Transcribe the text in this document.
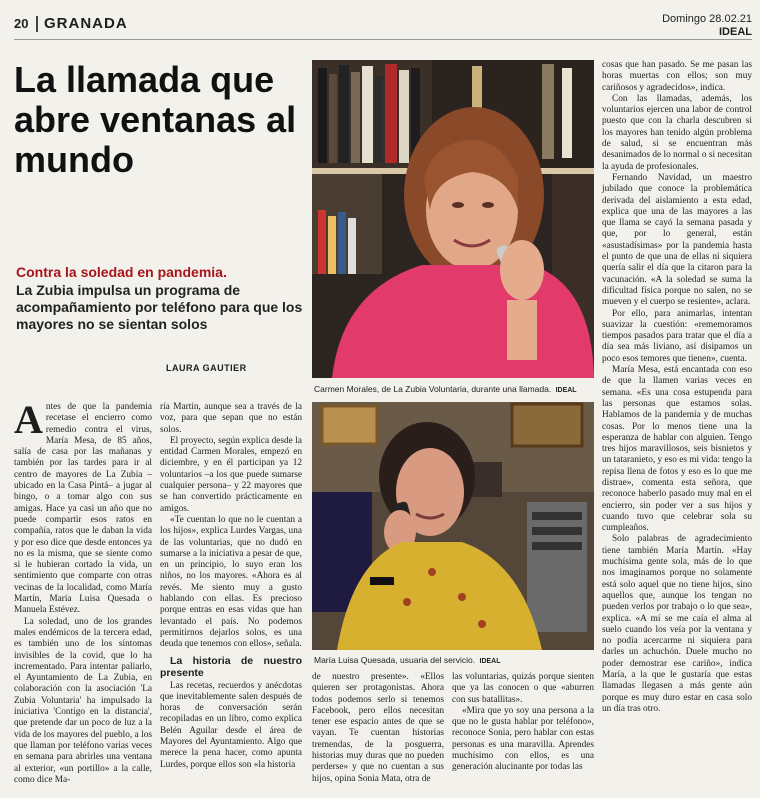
20 GRANADA	Domingo 28.02.21
IDEAL
La llamada que abre ventanas al mundo
Contra la soledad en pandemia.
La Zubia impulsa un programa de acompañamiento por teléfono para que los mayores no se sientan solos
LAURA GAUTIER
Carmen Morales, de La Zubia Voluntaria, durante una llamada. IDEAL
María Luisa Quesada, usuaria del servicio. IDEAL

Antes de que la pandemia recetase el encierro como remedio contra el virus, María Mesa, de 85 años, salía de casa por las mañanas y también por las tardes para ir al centro de mayores de La Zubia –ubicado en la Casa Pintá– a jugar al bingo, o a tomar algo con sus amigas. Hace ya casi un año que no puede compartir esos ratos en compañía, ratos que le daban la vida y por eso dice que desde entonces ya no es la misma, que se siente como si le hubieran cortado la vida, un sentimiento que comparte con otras vecinas de la localidad, como María Martín, María Luisa Quesada o Manuela Estévez.

La soledad, uno de los grandes males endémicos de la tercera edad, es también uno de los síntomas invisibles de la covid, que lo ha incrementado. Para intentar paliarlo, el Ayuntamiento de La Zubia, en colaboración con la asociación 'La Zubia Voluntaria' ha impulsado la iniciativa 'Contigo en la distancia', que pretende dar un poco de luz a la vida de los mayores del pueblo, a los que llaman por teléfono varias veces en semana para abrirles una ventana al exterior, «un portillo» a la calle, como dice Ma-

ría Martín, aunque sea a través de la voz, para que sepan que no están solos.

El proyecto, según explica desde la entidad Carmen Morales, empezó en diciembre, y en él participan ya 12 voluntarios –a los que puede sumarse cualquier persona– y 22 mayores que se han convertido prácticamente en amigos.

«Te cuentan lo que no le cuentan a los hijos», explica Lurdes Vargas, una de las voluntarias, que no dudó en sumarse a la iniciativa a pesar de que, en un principio, lo suyo eran los niños, no los mayores. «Ahora es al revés. Me siento muy a gusto hablando con ellas. Es precioso porque entras en esas vidas que han levantado el país. No podemos permitirnos dejarlos solos, es una deuda que tenemos con ellos», señala.

La historia de nuestro presente

Las recetas, recuerdos y anécdotas que inevitablemente salen después de horas de conversación serán recopiladas en un libro, como explica Belén Aguilar desde el área de Mayores del Ayuntamiento. Algo que merece la pena hacer, como apunta Lurdes, porque ellos son «la historia

de nuestro presente». «Ellos quieren ser protagonistas. Ahora todos podemos serlo si tenemos Facebook, pero ellos necesitan tener ese espacio antes de que se vayan. Te cuentan historias tremendas, de la posguerra, historias muy duras que no pueden perderse» y que no cuentan a sus hijos, opina Sonia Mata, otra de

las voluntarias, quizás porque sienten que ya las conocen o que «aburren con sus batallitas».

«Mira que yo soy una persona a la que no le gusta hablar por teléfono», reconoce Sonia, pero hablar con estas personas es una maravilla. Aprendes muchísimo con ellos, es una generación alucinante por todas las

cosas que han pasado. Se me pasan las horas muertas con ellos; son muy cariñosos y agradecidos», indica.

Con las llamadas, además, los voluntarios ejercen una labor de control puesto que con la charla descubren si los mayores han tenido algún problema de salud, si se encuentran más desanimados de lo normal o si necesitan la ayuda de profesionales.

Fernando Navidad, un maestro jubilado que conoce la problemática derivada del aislamiento a esta edad, explica que una de las mayores a las que llama se cayó la semana pasada y que, por lo general, están «asustadísimas» por la pandemia hasta el punto de que una de ellas ni siquiera quería salir el día que la citaron para la vacunación. «A la soledad se suma la dificultad física porque no salen, no se mueven y el cuerpo se resiente», aclara.

Por ello, para animarlas, intentan suavizar la cuestión: «rememoramos tiempos pasados para tratar que el día a día sea más liviano, así disipamos un poco esos temores que tienen», cuenta.

María Mesa, está encantada con eso de que la llamen varias veces en semana. «Es una cosa estupenda para las personas que estamos solas. Hablamos de la pandemia y de muchas cosas. Por lo menos tiene una la esperanza de hablar con alguien. Tengo tres hijos maravillosos, seis bisnietos y un tataranieto, y eso es mi vida: tengo la repisa llena de fotos y eso es lo que me distrae», comenta esta señora, que reconoce haberlo pasado muy mal en el encierro, sin poder ver a sus hijos y cuando tuvo que celebrar sola su cumpleaños.

Solo palabras de agradecimiento tiene también María Martín. «Hay muchísima gente sola, más de lo que nos imaginamos porque no solamente está solo aquel que no tiene hijos, sino aquellos que, aunque los tengan no pueden verlos por trabajo o lo que sea», explica. «A mí se me caía el alma al suelo cuando los veía por la ventana y no podía acercarme ni siquiera para darles un achuchón. Duele mucho no poder demostrar ese cariño», indica María, a la que le gustaría que estas llamadas llegasen a más gente aún porque es muy duro estar en casa solo un día tras otro.
